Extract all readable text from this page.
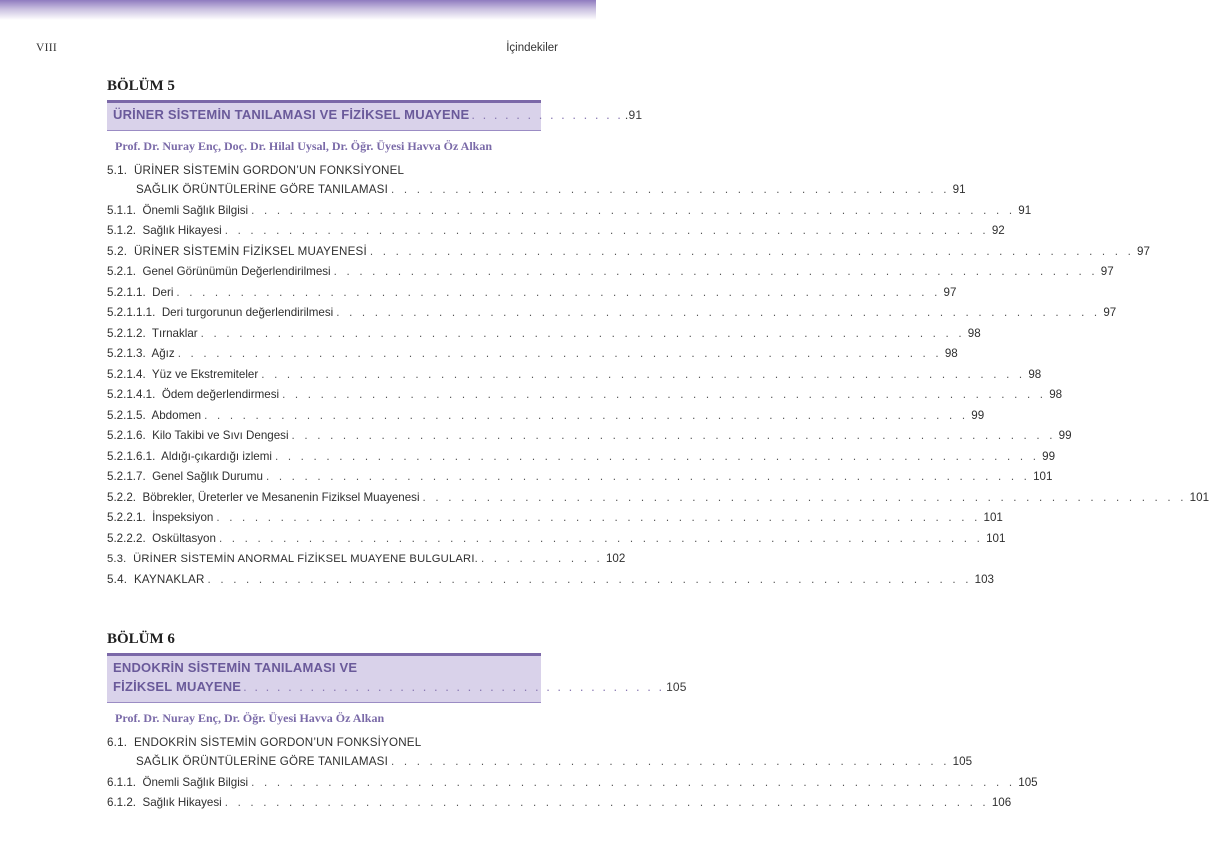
VIII	İçindekiler
BÖLÜM 5
ÜRİNER SİSTEMİN TANILAMASI VE FİZİKSEL MUAYENE . . . . . . . . . . . . . . .91
Prof. Dr. Nuray Enç, Doç. Dr. Hilal Uysal, Dr. Öğr. Üyesi Havva Öz Alkan
5.1. ÜRİNER SİSTEMİN GORDON’UN FONKSİYONEL
SAĞLIK ÖRÜNTÜLERİNE GÖRE TANILAMASI . . . . . . . . . . . . . . . . . . . . . . . . . . . . . . . . . . . . . . . . . . . . 91
5.1.1. Önemli Sağlık Bilgisi . . . . . . . . . . . . . . . . . . . . . . . . . . . . . . . . . . . . . . . . . . . . . . . . . . . . . . . . . . . . 91
5.1.2. Sağlık Hikayesi . . . . . . . . . . . . . . . . . . . . . . . . . . . . . . . . . . . . . . . . . . . . . . . . . . . . . . . . . . . . 92
5.2. ÜRİNER SİSTEMİN FİZİKSEL MUAYENESİ . . . . . . . . . . . . . . . . . . . . . . . . . . . . . . . . . . . . . . . . . . . . . . . . . . . . . . . . . . . . 97
5.2.1. Genel Görünümün Değerlendirilmesi . . . . . . . . . . . . . . . . . . . . . . . . . . . . . . . . . . . . . . . . . . . . . . . . . . . . . . . . . . . . 97
5.2.1.1. Deri . . . . . . . . . . . . . . . . . . . . . . . . . . . . . . . . . . . . . . . . . . . . . . . . . . . . . . . . . . . . 97
5.2.1.1.1. Deri turgorunun değerlendirilmesi . . . . . . . . . . . . . . . . . . . . . . . . . . . . . . . . . . . . . . . . . . . . . . . . . . . . . . . . . . . . 97
5.2.1.2. Tırnaklar . . . . . . . . . . . . . . . . . . . . . . . . . . . . . . . . . . . . . . . . . . . . . . . . . . . . . . . . . . . . 98
5.2.1.3. Ağız . . . . . . . . . . . . . . . . . . . . . . . . . . . . . . . . . . . . . . . . . . . . . . . . . . . . . . . . . . . . 98
5.2.1.4. Yüz ve Ekstremiteler . . . . . . . . . . . . . . . . . . . . . . . . . . . . . . . . . . . . . . . . . . . . . . . . . . . . . . . . . . . . 98
5.2.1.4.1. Ödem değerlendirmesi . . . . . . . . . . . . . . . . . . . . . . . . . . . . . . . . . . . . . . . . . . . . . . . . . . . . . . . . . . . . 98
5.2.1.5. Abdomen . . . . . . . . . . . . . . . . . . . . . . . . . . . . . . . . . . . . . . . . . . . . . . . . . . . . . . . . . . . . 99
5.2.1.6. Kilo Takibi ve Sıvı Dengesi . . . . . . . . . . . . . . . . . . . . . . . . . . . . . . . . . . . . . . . . . . . . . . . . . . . . . . . . . . . . 99
5.2.1.6.1. Aldığı-çıkardığı izlemi . . . . . . . . . . . . . . . . . . . . . . . . . . . . . . . . . . . . . . . . . . . . . . . . . . . . . . . . . . . . 99
5.2.1.7. Genel Sağlık Durumu . . . . . . . . . . . . . . . . . . . . . . . . . . . . . . . . . . . . . . . . . . . . . . . . . . . . . . . . . . . . 101
5.2.2. Böbrekler, Üreterler ve Mesanenin Fiziksel Muayenesi . . . . . . . . . . . . . . . . . . . . . . . . . . . . . . . . . . . . . . . . . . . . . . . . . . . . . . . . . . . . 101
5.2.2.1. İnspeksiyon . . . . . . . . . . . . . . . . . . . . . . . . . . . . . . . . . . . . . . . . . . . . . . . . . . . . . . . . . . . . 101
5.2.2.2. Oskültasyon . . . . . . . . . . . . . . . . . . . . . . . . . . . . . . . . . . . . . . . . . . . . . . . . . . . . . . . . . . . . 101
5.3. ÜRİNER SİSTEMİN ANORMAL FİZİKSEL MUAYENE BULGULARI. . . . . . . . . . . 102
5.4. KAYNAKLAR . . . . . . . . . . . . . . . . . . . . . . . . . . . . . . . . . . . . . . . . . . . . . . . . . . . . . . . . . . . . 103
BÖLÜM 6
ENDOKRİN SİSTEMİN TANILAMASI VE
FİZİKSEL MUAYENE . . . . . . . . . . . . . . . . . . . . . . . . . . . . . . . . . . . . . . 105
Prof. Dr. Nuray Enç, Dr. Öğr. Üyesi Havva Öz Alkan
6.1. ENDOKRİN SİSTEMİN GORDON’UN FONKSİYONEL
SAĞLIK ÖRÜNTÜLERİNE GÖRE TANILAMASI . . . . . . . . . . . . . . . . . . . . . . . . . . . . . . . . . . . . . . . . . . . . 105
6.1.1. Önemli Sağlık Bilgisi . . . . . . . . . . . . . . . . . . . . . . . . . . . . . . . . . . . . . . . . . . . . . . . . . . . . . . . . . . . . 105
6.1.2. Sağlık Hikayesi . . . . . . . . . . . . . . . . . . . . . . . . . . . . . . . . . . . . . . . . . . . . . . . . . . . . . . . . . . . . 106
